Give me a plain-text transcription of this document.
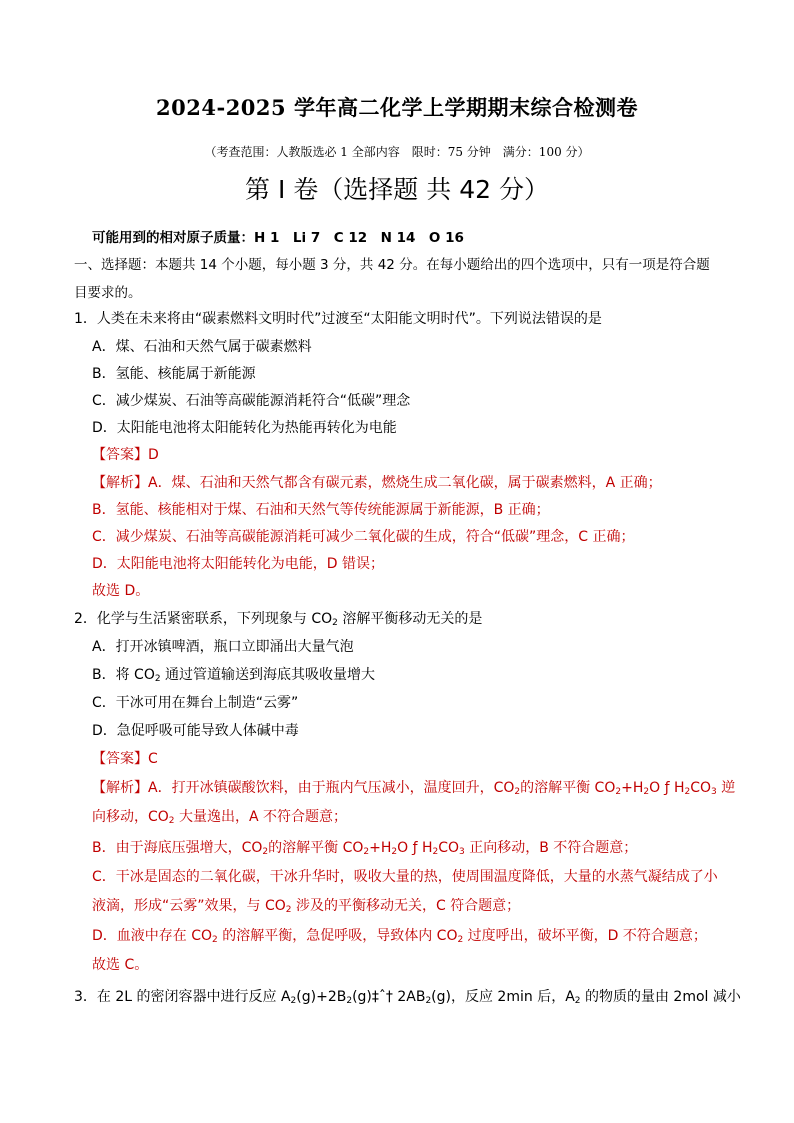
2024-2025 学年高二化学上学期期末综合检测卷
（考查范围：人教版选必 1 全部内容　限时：75 分钟　满分：100 分）
第 I 卷（选择题 共 42 分）
可能用到的相对原子质量：H 1　Li 7　C 12　N 14　O 16
一、选择题：本题共 14 个小题，每小题 3 分，共 42 分。在每小题给出的四个选项中，只有一项是符合题
目要求的。
1．人类在未来将由“碳素燃料文明时代”过渡至“太阳能文明时代”。下列说法错误的是
A．煤、石油和天然气属于碳素燃料
B．氢能、核能属于新能源
C．减少煤炭、石油等高碳能源消耗符合“低碳”理念
D．太阳能电池将太阳能转化为热能再转化为电能
【答案】D
【解析】A．煤、石油和天然气都含有碳元素，燃烧生成二氧化碳，属于碳素燃料，A 正确；
B．氢能、核能相对于煤、石油和天然气等传统能源属于新能源，B 正确；
C．减少煤炭、石油等高碳能源消耗可减少二氧化碳的生成，符合“低碳”理念，C 正确；
D．太阳能电池将太阳能转化为电能，D 错误；
故选 D。
2．化学与生活紧密联系，下列现象与 $CO_2$ 溶解平衡移动无关的是
A．打开冰镇啤酒，瓶口立即涌出大量气泡
B．将 $CO_2$ 通过管道输送到海底其吸收量增大
C．干冰可用在舞台上制造“云雾”
D．急促呼吸可能导致人体碱中毒
【答案】C
【解析】A．打开冰镇碳酸饮料，由于瓶内气压减小，温度回升，$CO_2$的溶解平衡 $CO_2+H_2O$ ƒ $H_2CO_3$ 逆
向移动，$CO_2$ 大量逸出，A 不符合题意；
B．由于海底压强增大，$CO_2$的溶解平衡 $CO_2+H_2O$ ƒ $H_2CO_3$ 正向移动，B 不符合题意；
C．干冰是固态的二氧化碳，干冰升华时，吸收大量的热，使周围温度降低，大量的水蒸气凝结成了小
液滴，形成“云雾”效果，与 $CO_2$ 涉及的平衡移动无关，C 符合题意；
D．血液中存在 $CO_2$ 的溶解平衡，急促呼吸，导致体内 $CO_2$ 过度呼出，破坏平衡，D 不符合题意；
故选 C。
3．在 2L 的密闭容器中进行反应 $A_2(g)+2B_2(g)\ddagger ˆ\dagger$ $2AB_2(g)$，反应 2min 后，$A_2$ 的物质的量由 2mol 减小
